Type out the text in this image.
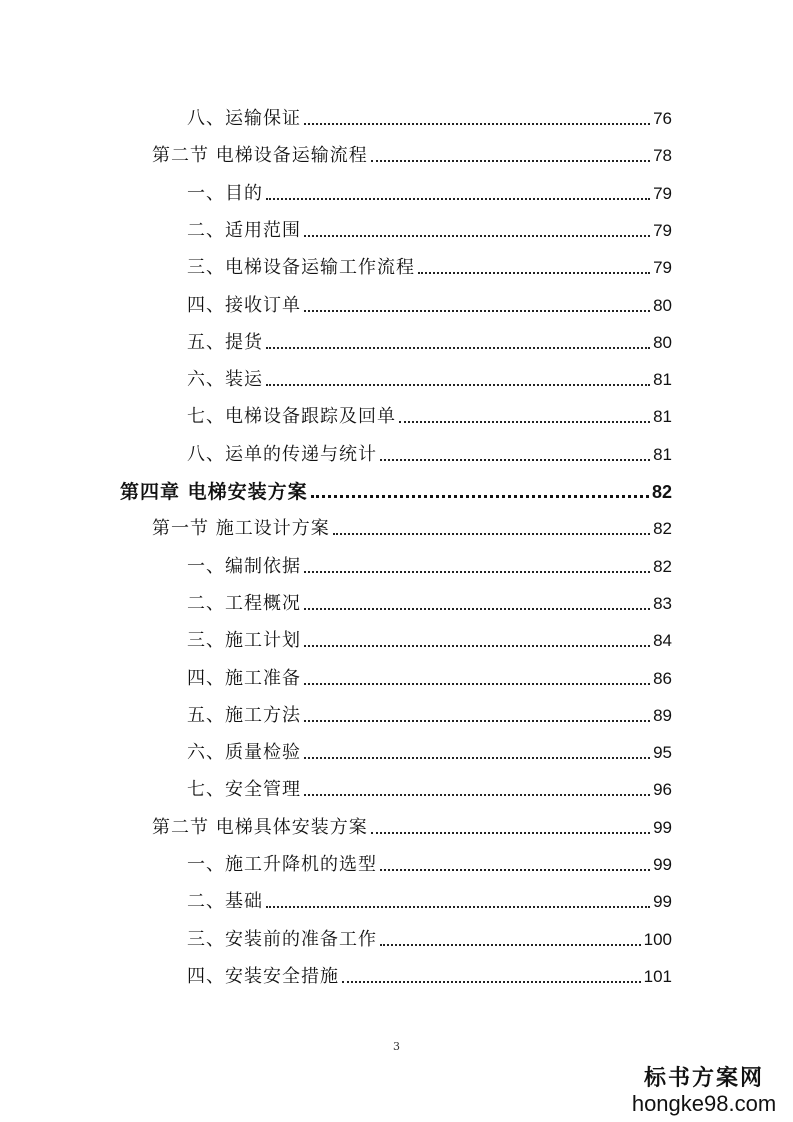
八、运输保证	76
第二节 电梯设备运输流程	78
一、目的	79
二、适用范围	79
三、电梯设备运输工作流程	79
四、接收订单	80
五、提货	80
六、装运	81
七、电梯设备跟踪及回单	81
八、运单的传递与统计	81
第四章 电梯安装方案	82
第一节 施工设计方案	82
一、编制依据	82
二、工程概况	83
三、施工计划	84
四、施工准备	86
五、施工方法	89
六、质量检验	95
七、安全管理	96
第二节 电梯具体安装方案	99
一、施工升降机的选型	99
二、基础	99
三、安装前的准备工作	100
四、安装安全措施	101
3
标书方案网
hongke98.com
